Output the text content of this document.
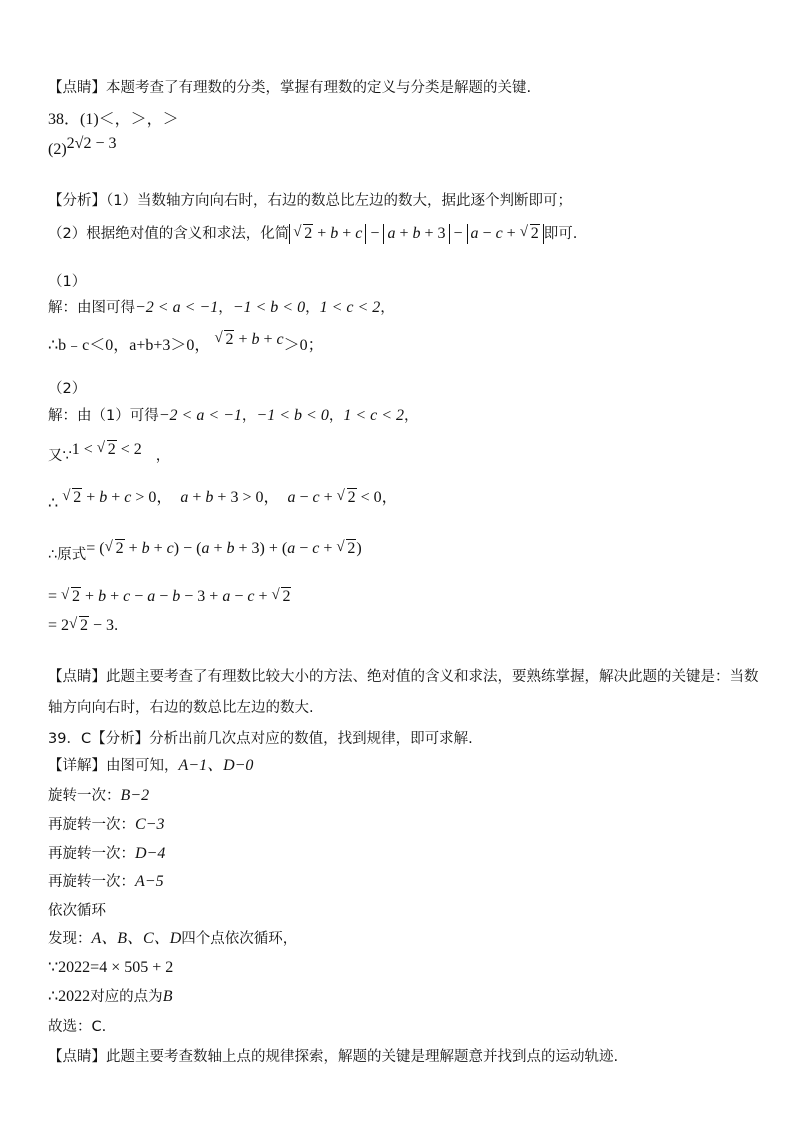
【点睛】本题考查了有理数的分类，掌握有理数的定义与分类是解题的关键.
38．(1)＜，＞，＞
(2)2√2 − 3
【分析】（1）当数轴方向向右时，右边的数总比左边的数大，据此逐个判断即可；
（2）根据绝对值的含义和求法，化简 √ 2 + b + c − a + b + 3 − a − c + √ 2 即可.
（1）
解：由图可得−2 < a < −1，−1 < b < 0，1 < c < 2，
∴b﹣c＜0，a+b+3＞0， √ 2 + b + c＞0；
（2）
解：由（1）可得−2 < a < −1，−1 < b < 0，1 < c < 2，
又∵1 < √ 2 < 2 ，
∴ √ 2 + b + c > 0，  a + b + 3 > 0，  a − c + √ 2 < 0，
∴原式= ( √ 2 + b + c) − (a + b + 3) + (a − c + √ 2)
= √ 2 + b + c − a − b − 3 + a − c + √ 2
= 2 √ 2 − 3.
【点睛】此题主要考查了有理数比较大小的方法、绝对值的含义和求法，要熟练掌握，解决此题的关键是：当数
轴方向向右时，右边的数总比左边的数大.
39．C【分析】分析出前几次点对应的数值，找到规律，即可求解.
【详解】由图可知，A−1、D−0
旋转一次：B−2
再旋转一次：C−3
再旋转一次：D−4
再旋转一次：A−5
依次循环
发现：A、B、C、D四个点依次循环，
∵2022=4 × 505 + 2
∴2022对应的点为B
故选：C.
【点睛】此题主要考查数轴上点的规律探索，解题的关键是理解题意并找到点的运动轨迹.
